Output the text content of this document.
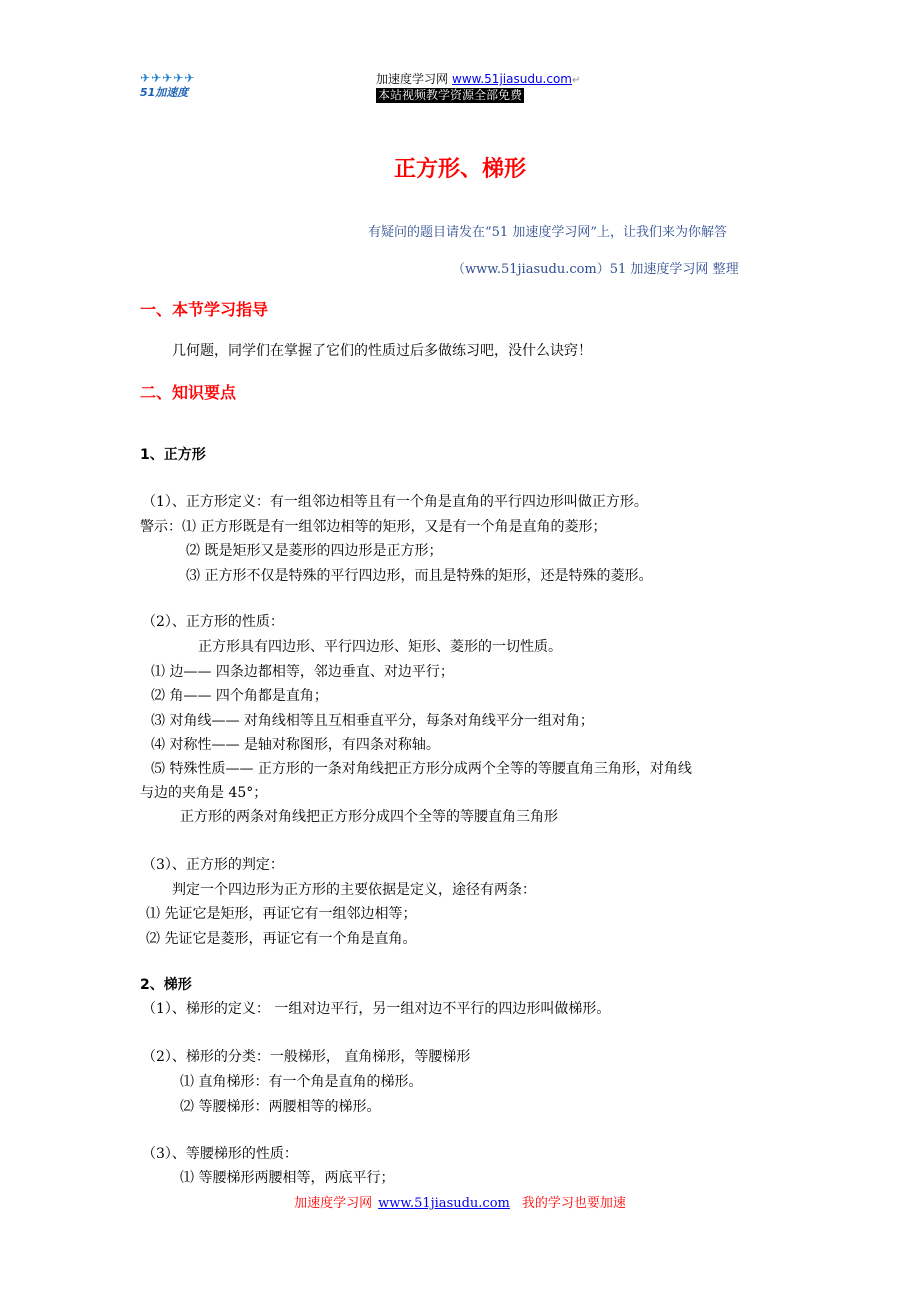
✈ ✈ ✈ ✈ ✈
51加速度
加速度学习网 www.51jiasudu.com↵
本站视频教学资源全部免费
正方形、梯形
有疑问的题目请发在“51 加速度学习网”上，让我们来为你解答
（www.51jiasudu.com）51 加速度学习网 整理
一、本节学习指导
几何题，同学们在掌握了它们的性质过后多做练习吧，没什么诀窍！
二、知识要点
1、正方形
（1）、正方形定义：有一组邻边相等且有一个角是直角的平行四边形叫做正方形。
警示：⑴ 正方形既是有一组邻边相等的矩形，又是有一个角是直角的菱形；
⑵ 既是矩形又是菱形的四边形是正方形；
⑶ 正方形不仅是特殊的平行四边形，而且是特殊的矩形，还是特殊的菱形。
（2）、正方形的性质：
正方形具有四边形、平行四边形、矩形、菱形的一切性质。
⑴ 边—— 四条边都相等，邻边垂直、对边平行；
⑵ 角—— 四个角都是直角；
⑶ 对角线—— 对角线相等且互相垂直平分，每条对角线平分一组对角；
⑷ 对称性—— 是轴对称图形，有四条对称轴。
⑸ 特殊性质—— 正方形的一条对角线把正方形分成两个全等的等腰直角三角形，对角线
与边的夹角是 45°；
正方形的两条对角线把正方形分成四个全等的等腰直角三角形
（3）、正方形的判定：
判定一个四边形为正方形的主要依据是定义，途径有两条：
⑴ 先证它是矩形，再证它有一组邻边相等；
⑵ 先证它是菱形，再证它有一个角是直角。
2、梯形
（1）、梯形的定义： 一组对边平行，另一组对边不平行的四边形叫做梯形。
（2）、梯形的分类：一般梯形， 直角梯形，等腰梯形
⑴ 直角梯形：有一个角是直角的梯形。
⑵ 等腰梯形：两腰相等的梯形。
（3）、等腰梯形的性质：
⑴ 等腰梯形两腰相等，两底平行；
加速度学习网 www.51jiasudu.com 我的学习也要加速
